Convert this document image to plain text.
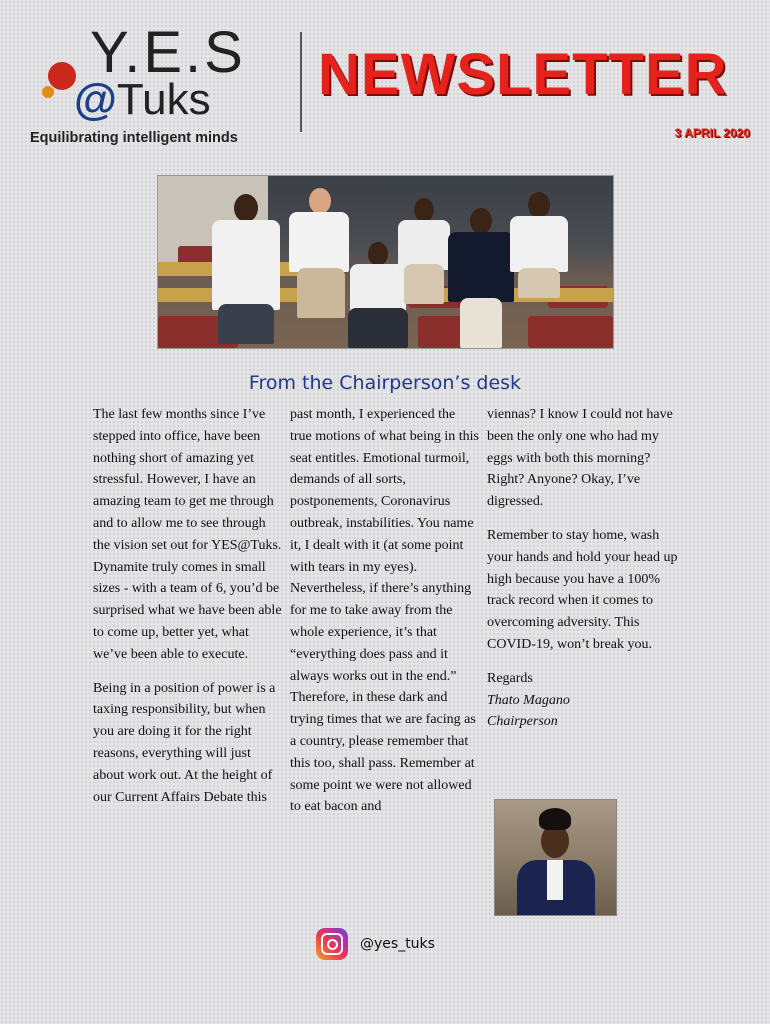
Y.E.S
@Tuks
Equilibrating intelligent minds
NEWSLETTER
3 APRIL 2020
From the Chairperson’s desk

The last few months since I’ve stepped into office, have been nothing short of amazing yet stressful. However, I have an amazing team to get me through and to allow me to see through the vision set out for YES@Tuks. Dynamite truly comes in small sizes - with a team of 6, you’d be surprised what we have been able to come up, better yet, what we’ve been able to execute.

Being in a position of power is a taxing responsibility, but when you are doing it for the right reasons, everything will just about work out. At the height of our Current Affairs Debate this

past month, I experienced the true motions of what being in this seat entitles. Emotional turmoil, demands of all sorts, postponements, Coronavirus outbreak, instabilities. You name it, I dealt with it (at some point with tears in my eyes). Nevertheless, if there’s anything for me to take away from the whole experience, it’s that “everything does pass and it always works out in the end.” Therefore, in these dark and trying times that we are facing as a country, please remember that this too, shall pass. Remember at some point we were not allowed to eat bacon and

viennas? I know I could not have been the only one who had my eggs with both this morning? Right? Anyone? Okay, I’ve digressed.

Remember to stay home, wash your hands and hold your head up high because you have a 100% track record when it comes to overcoming adversity. This COVID-19, won’t break you.

Regards

Thato Magano

Chairperson

@yes_tuks
